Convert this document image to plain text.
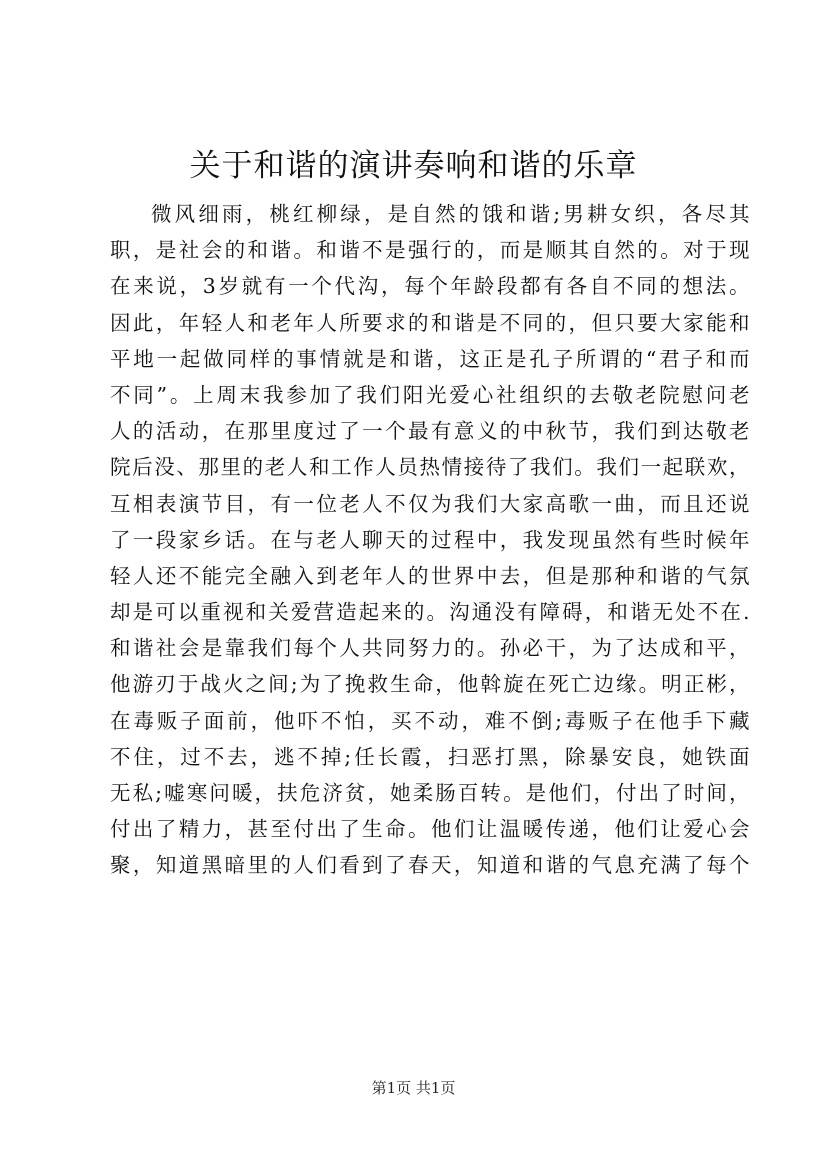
关于和谐的演讲奏响和谐的乐章
微风细雨，桃红柳绿，是自然的饿和谐;男耕女织，各尽其
职，是社会的和谐。和谐不是强行的，而是顺其自然的。对于现
在来说，3岁就有一个代沟，每个年龄段都有各自不同的想法。
因此，年轻人和老年人所要求的和谐是不同的，但只要大家能和
平地一起做同样的事情就是和谐，这正是孔子所谓的“君子和而
不同”。上周末我参加了我们阳光爱心社组织的去敬老院慰问老
人的活动，在那里度过了一个最有意义的中秋节，我们到达敬老
院后没、那里的老人和工作人员热情接待了我们。我们一起联欢，
互相表演节目，有一位老人不仅为我们大家高歌一曲，而且还说
了一段家乡话。在与老人聊天的过程中，我发现虽然有些时候年
轻人还不能完全融入到老年人的世界中去，但是那种和谐的气氛
却是可以重视和关爱营造起来的。沟通没有障碍，和谐无处不在.
和谐社会是靠我们每个人共同努力的。孙必干，为了达成和平，
他游刃于战火之间;为了挽救生命，他斡旋在死亡边缘。明正彬，
在毒贩子面前，他吓不怕，买不动，难不倒;毒贩子在他手下藏
不住，过不去，逃不掉;任长霞，扫恶打黑，除暴安良，她铁面
无私;嘘寒问暖，扶危济贫，她柔肠百转。是他们，付出了时间，
付出了精力，甚至付出了生命。他们让温暖传递，他们让爱心会
聚，知道黑暗里的人们看到了春天，知道和谐的气息充满了每个
第1页 共1页
